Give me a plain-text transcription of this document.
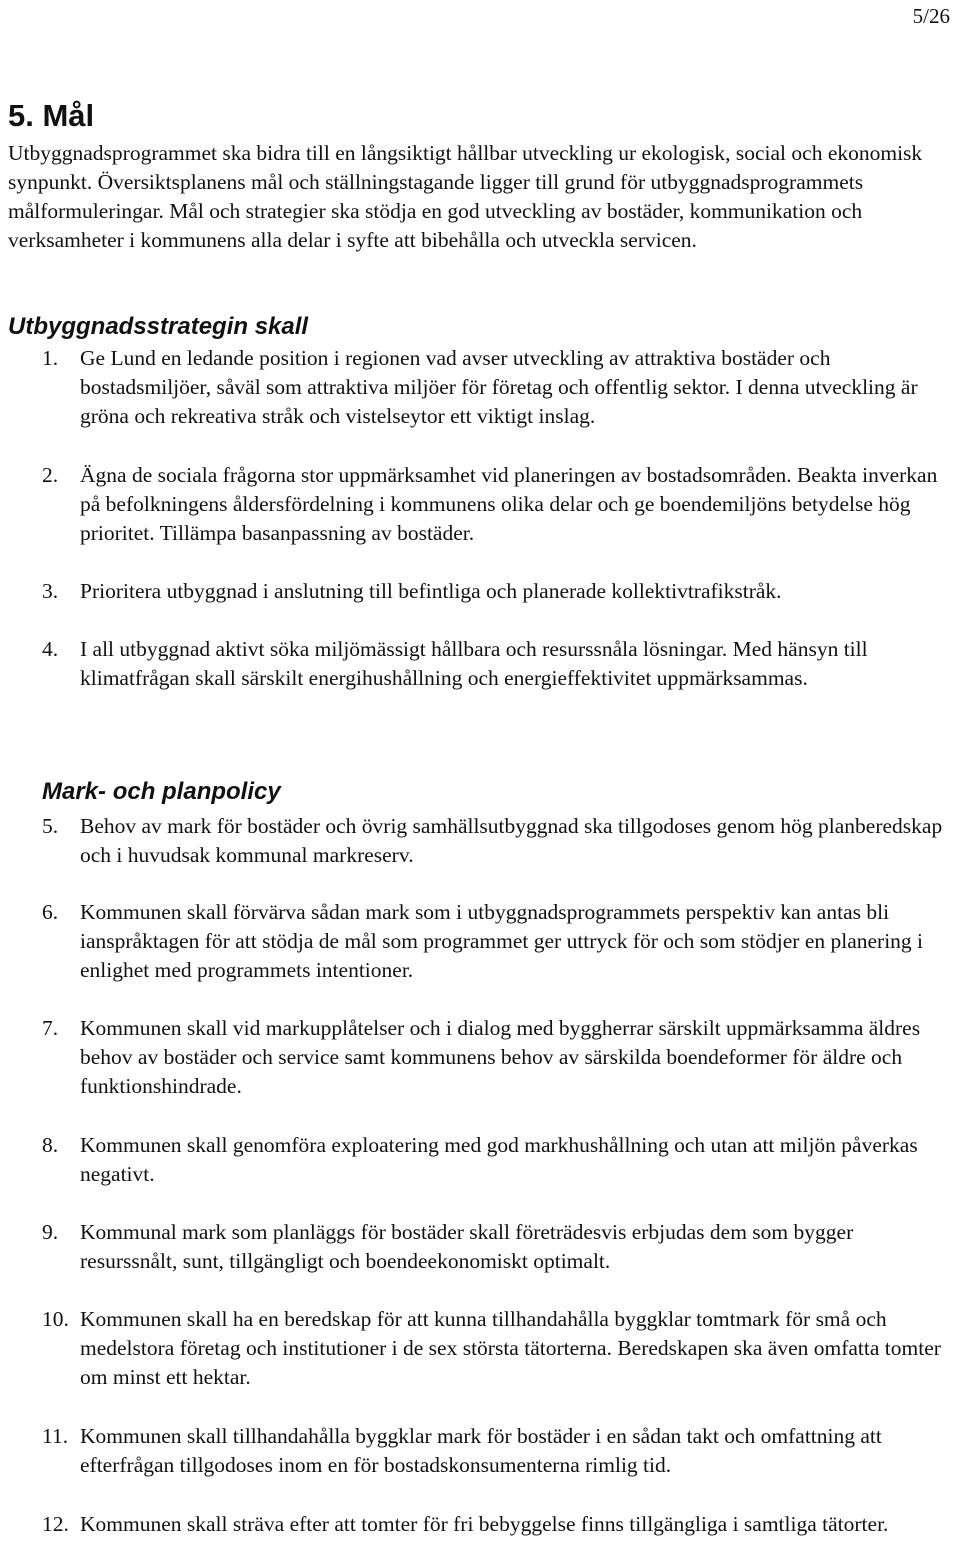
5/26
5. Mål

Utbyggnadsprogrammet ska bidra till en långsiktigt hållbar utveckling ur ekologisk, social och ekonomisk synpunkt. Översiktsplanens mål och ställningstagande ligger till grund för utbyggnadsprogrammets målformuleringar. Mål och strategier ska stödja en god utveckling av bostäder, kommunikation och verksamheter i kommunens alla delar i syfte att bibehålla och utveckla servicen.

Utbyggnadsstrategin skall
1.	Ge Lund en ledande position i regionen vad avser utveckling av attraktiva bostäder och bostadsmiljöer, såväl som attraktiva miljöer för företag och offentlig sektor. I denna utveckling är gröna och rekreativa stråk och vistelseytor ett viktigt inslag.
2.	Ägna de sociala frågorna stor uppmärksamhet vid planeringen av bostadsområden. Beakta inverkan på befolkningens åldersfördelning i kommunens olika delar och ge boendemiljöns betydelse hög prioritet. Tillämpa basanpassning av bostäder.
3.	Prioritera utbyggnad i anslutning till befintliga och planerade kollektivtrafikstråk.
4.	I all utbyggnad aktivt söka miljömässigt hållbara och resurssnåla lösningar. Med hänsyn till klimatfrågan skall särskilt energihushållning och energieffektivitet uppmärksammas.
Mark- och planpolicy
5.	Behov av mark för bostäder och övrig samhällsutbyggnad ska tillgodoses genom hög planberedskap och i huvudsak kommunal markreserv.
6.	Kommunen skall förvärva sådan mark som i utbyggnadsprogrammets perspektiv kan antas bli ianspråktagen för att stödja de mål som programmet ger uttryck för och som stödjer en planering i enlighet med programmets intentioner.
7.	Kommunen skall vid markupplåtelser och i dialog med byggherrar särskilt uppmärksamma äldres behov av bostäder och service samt kommunens behov av särskilda boendeformer för äldre och funktionshindrade.
8.	Kommunen skall genomföra exploatering med god markhushållning och utan att miljön påverkas negativt.
9.	Kommunal mark som planläggs för bostäder skall företrädesvis erbjudas dem som bygger resurssnålt, sunt, tillgängligt och boendeekonomiskt optimalt.
10. Kommunen skall ha en beredskap för att kunna tillhandahålla byggklar tomtmark för små och medelstora företag och institutioner i de sex största tätorterna. Beredskapen ska även omfatta tomter om minst ett hektar.
11. Kommunen skall tillhandahålla byggklar mark för bostäder i en sådan takt och omfattning att efterfrågan tillgodoses inom en för bostadskonsumenterna rimlig tid.
12. Kommunen skall sträva efter att tomter för fri bebyggelse finns tillgängliga i samtliga tätorter.
